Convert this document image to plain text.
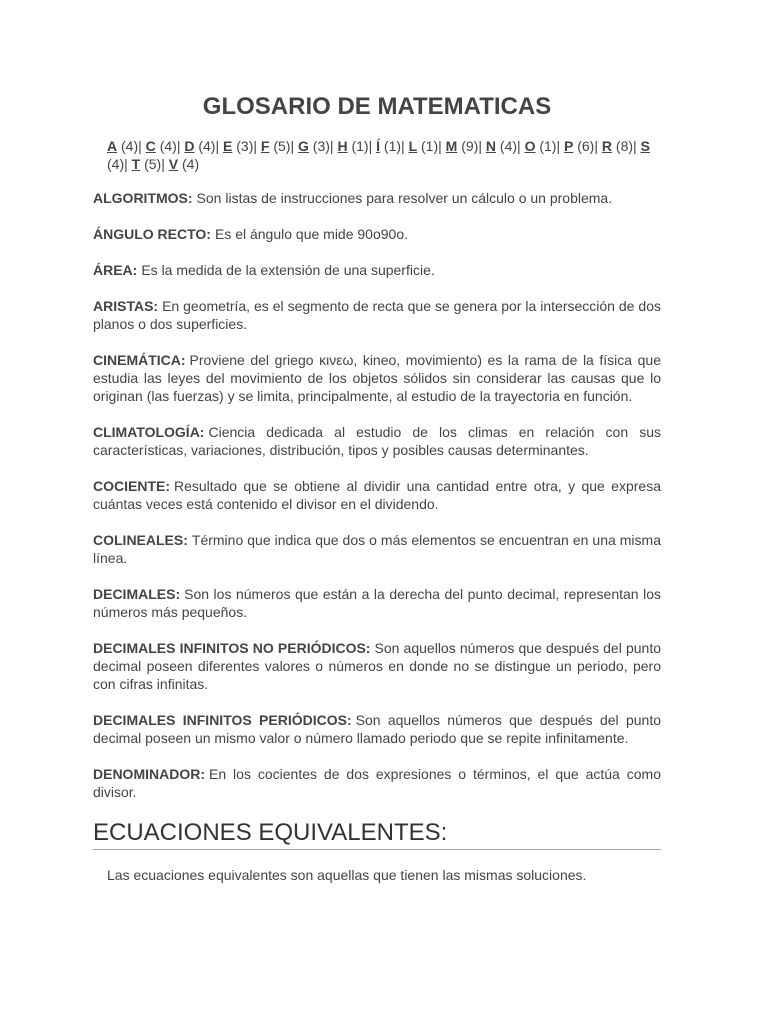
GLOSARIO DE MATEMATICAS
A (4)| C (4)| D (4)| E (3)| F (5)| G (3)| H (1)| Í (1)| L (1)| M (9)| N (4)| O (1)| P (6)| R (8)| S (4)| T (5)| V (4)

ALGORITMOS: Son listas de instrucciones para resolver un cálculo o un problema.

ÁNGULO RECTO: Es el ángulo que mide 90o90o.

ÁREA: Es la medida de la extensión de una superficie.

ARISTAS: En geometría, es el segmento de recta que se genera por la intersección de dos planos o dos superficies.

CINEMÁTICA: Proviene del griego κινεω, kineo, movimiento) es la rama de la física que estudia las leyes del movimiento de los objetos sólidos sin considerar las causas que lo originan (las fuerzas) y se limita, principalmente, al estudio de la trayectoria en función.

CLIMATOLOGÍA: Ciencia dedicada al estudio de los climas en relación con sus características, variaciones, distribución, tipos y posibles causas determinantes.

COCIENTE: Resultado que se obtiene al dividir una cantidad entre otra, y que expresa cuántas veces está contenido el divisor en el dividendo.

COLINEALES: Término que indica que dos o más elementos se encuentran en una misma línea.

DECIMALES: Son los números que están a la derecha del punto decimal, representan los números más pequeños.

DECIMALES INFINITOS NO PERIÓDICOS: Son aquellos números que después del punto decimal poseen diferentes valores o números en donde no se distingue un periodo, pero con cifras infinitas.

DECIMALES INFINITOS PERIÓDICOS: Son aquellos números que después del punto decimal poseen un mismo valor o número llamado periodo que se repite infinitamente.

DENOMINADOR: En los cocientes de dos expresiones o términos, el que actúa como divisor.

ECUACIONES EQUIVALENTES:

Las ecuaciones equivalentes son aquellas que tienen las mismas soluciones.
